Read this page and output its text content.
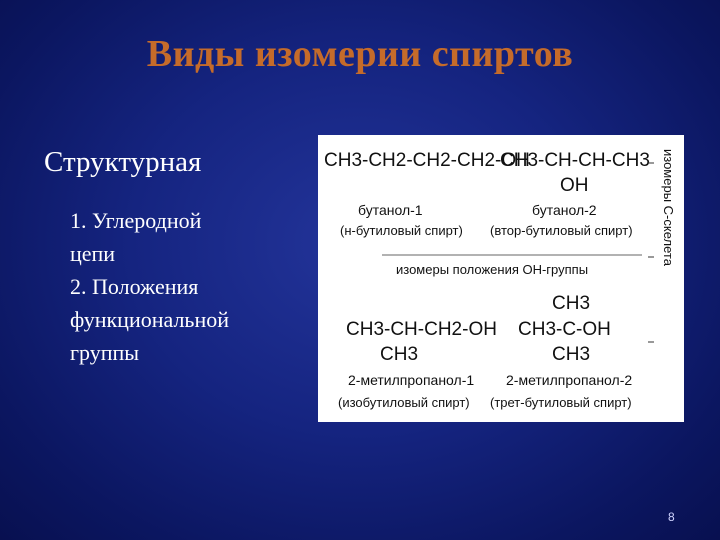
Виды изомерии спиртов
Структурная
1. Углеродной
цепи
2. Положения
функциональной
группы
CH3-CH2-CH2-CH2-OH
бутанол-1
(н-бутиловый спирт)
CH3-CH-CH-CH3
OH
бутанол-2
(втор-бутиловый спирт)
изомеры положения ОН-группы
CH3-CH-CH2-OH
CH3
2-метилпропанол-1
(изобутиловый спирт)
CH3
CH3-C-OH
CH3
2-метилпропанол-2
(трет-бутиловый спирт)
изомеры С-скелета
8
